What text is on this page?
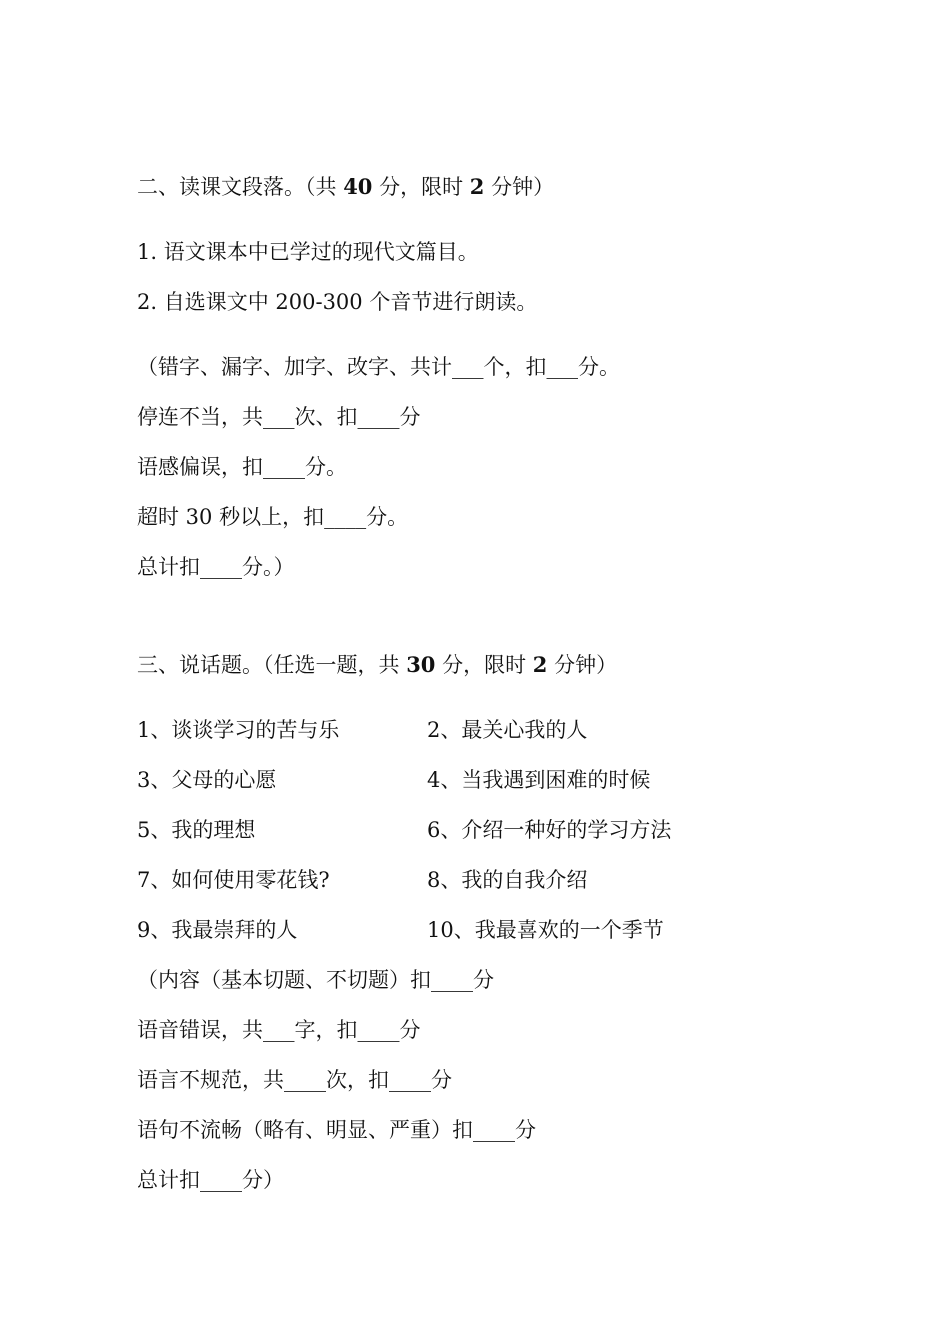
二、读课文段落。（共 40 分，限时 2 分钟）
1. 语文课本中已学过的现代文篇目。
2. 自选课文中 200-300 个音节进行朗读。
（错字、漏字、加字、改字、共计___个，扣___分。
停连不当，共___次、扣____分
语感偏误，扣____分。
超时 30 秒以上，扣____分。
总计扣____分。）
三、说话题。（任选一题，共 30 分，限时 2 分钟）
1、谈谈学习的苦与乐	2、最关心我的人
3、父母的心愿	4、当我遇到困难的时候
5、我的理想	6、介绍一种好的学习方法
7、如何使用零花钱?	8、我的自我介绍
9、我最崇拜的人	10、我最喜欢的一个季节
（内容（基本切题、不切题）扣____分
语音错误，共___字，扣____分
语言不规范，共____次，扣____分
语句不流畅（略有、明显、严重）扣____分
总计扣____分）
